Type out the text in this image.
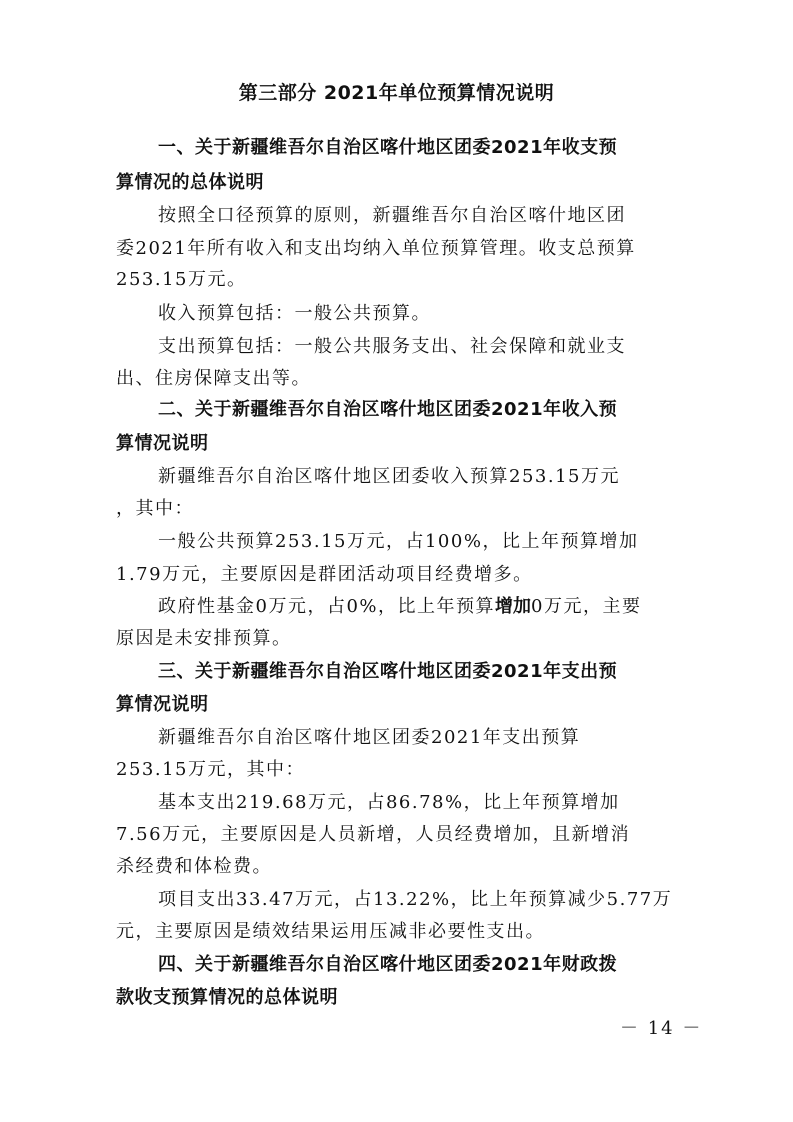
第三部分 2021年单位预算情况说明
一、关于新疆维吾尔自治区喀什地区团委2021年收支预
算情况的总体说明
按照全口径预算的原则，新疆维吾尔自治区喀什地区团
委2021年所有收入和支出均纳入单位预算管理。收支总预算
253.15万元。
收入预算包括：一般公共预算。
支出预算包括：一般公共服务支出、社会保障和就业支
出、住房保障支出等。
二、关于新疆维吾尔自治区喀什地区团委2021年收入预
算情况说明
新疆维吾尔自治区喀什地区团委收入预算253.15万元
，其中：
一般公共预算253.15万元，占100%，比上年预算增加
1.79万元，主要原因是群团活动项目经费增多。
政府性基金0万元，占0%，比上年预算增加0万元，主要
原因是未安排预算。
三、关于新疆维吾尔自治区喀什地区团委2021年支出预
算情况说明
新疆维吾尔自治区喀什地区团委2021年支出预算
253.15万元，其中：
基本支出219.68万元，占86.78%，比上年预算增加
7.56万元，主要原因是人员新增，人员经费增加，且新增消
杀经费和体检费。
项目支出33.47万元，占13.22%，比上年预算减少5.77万
元，主要原因是绩效结果运用压减非必要性支出。
四、关于新疆维吾尔自治区喀什地区团委2021年财政拨
款收支预算情况的总体说明
－ 14 －
